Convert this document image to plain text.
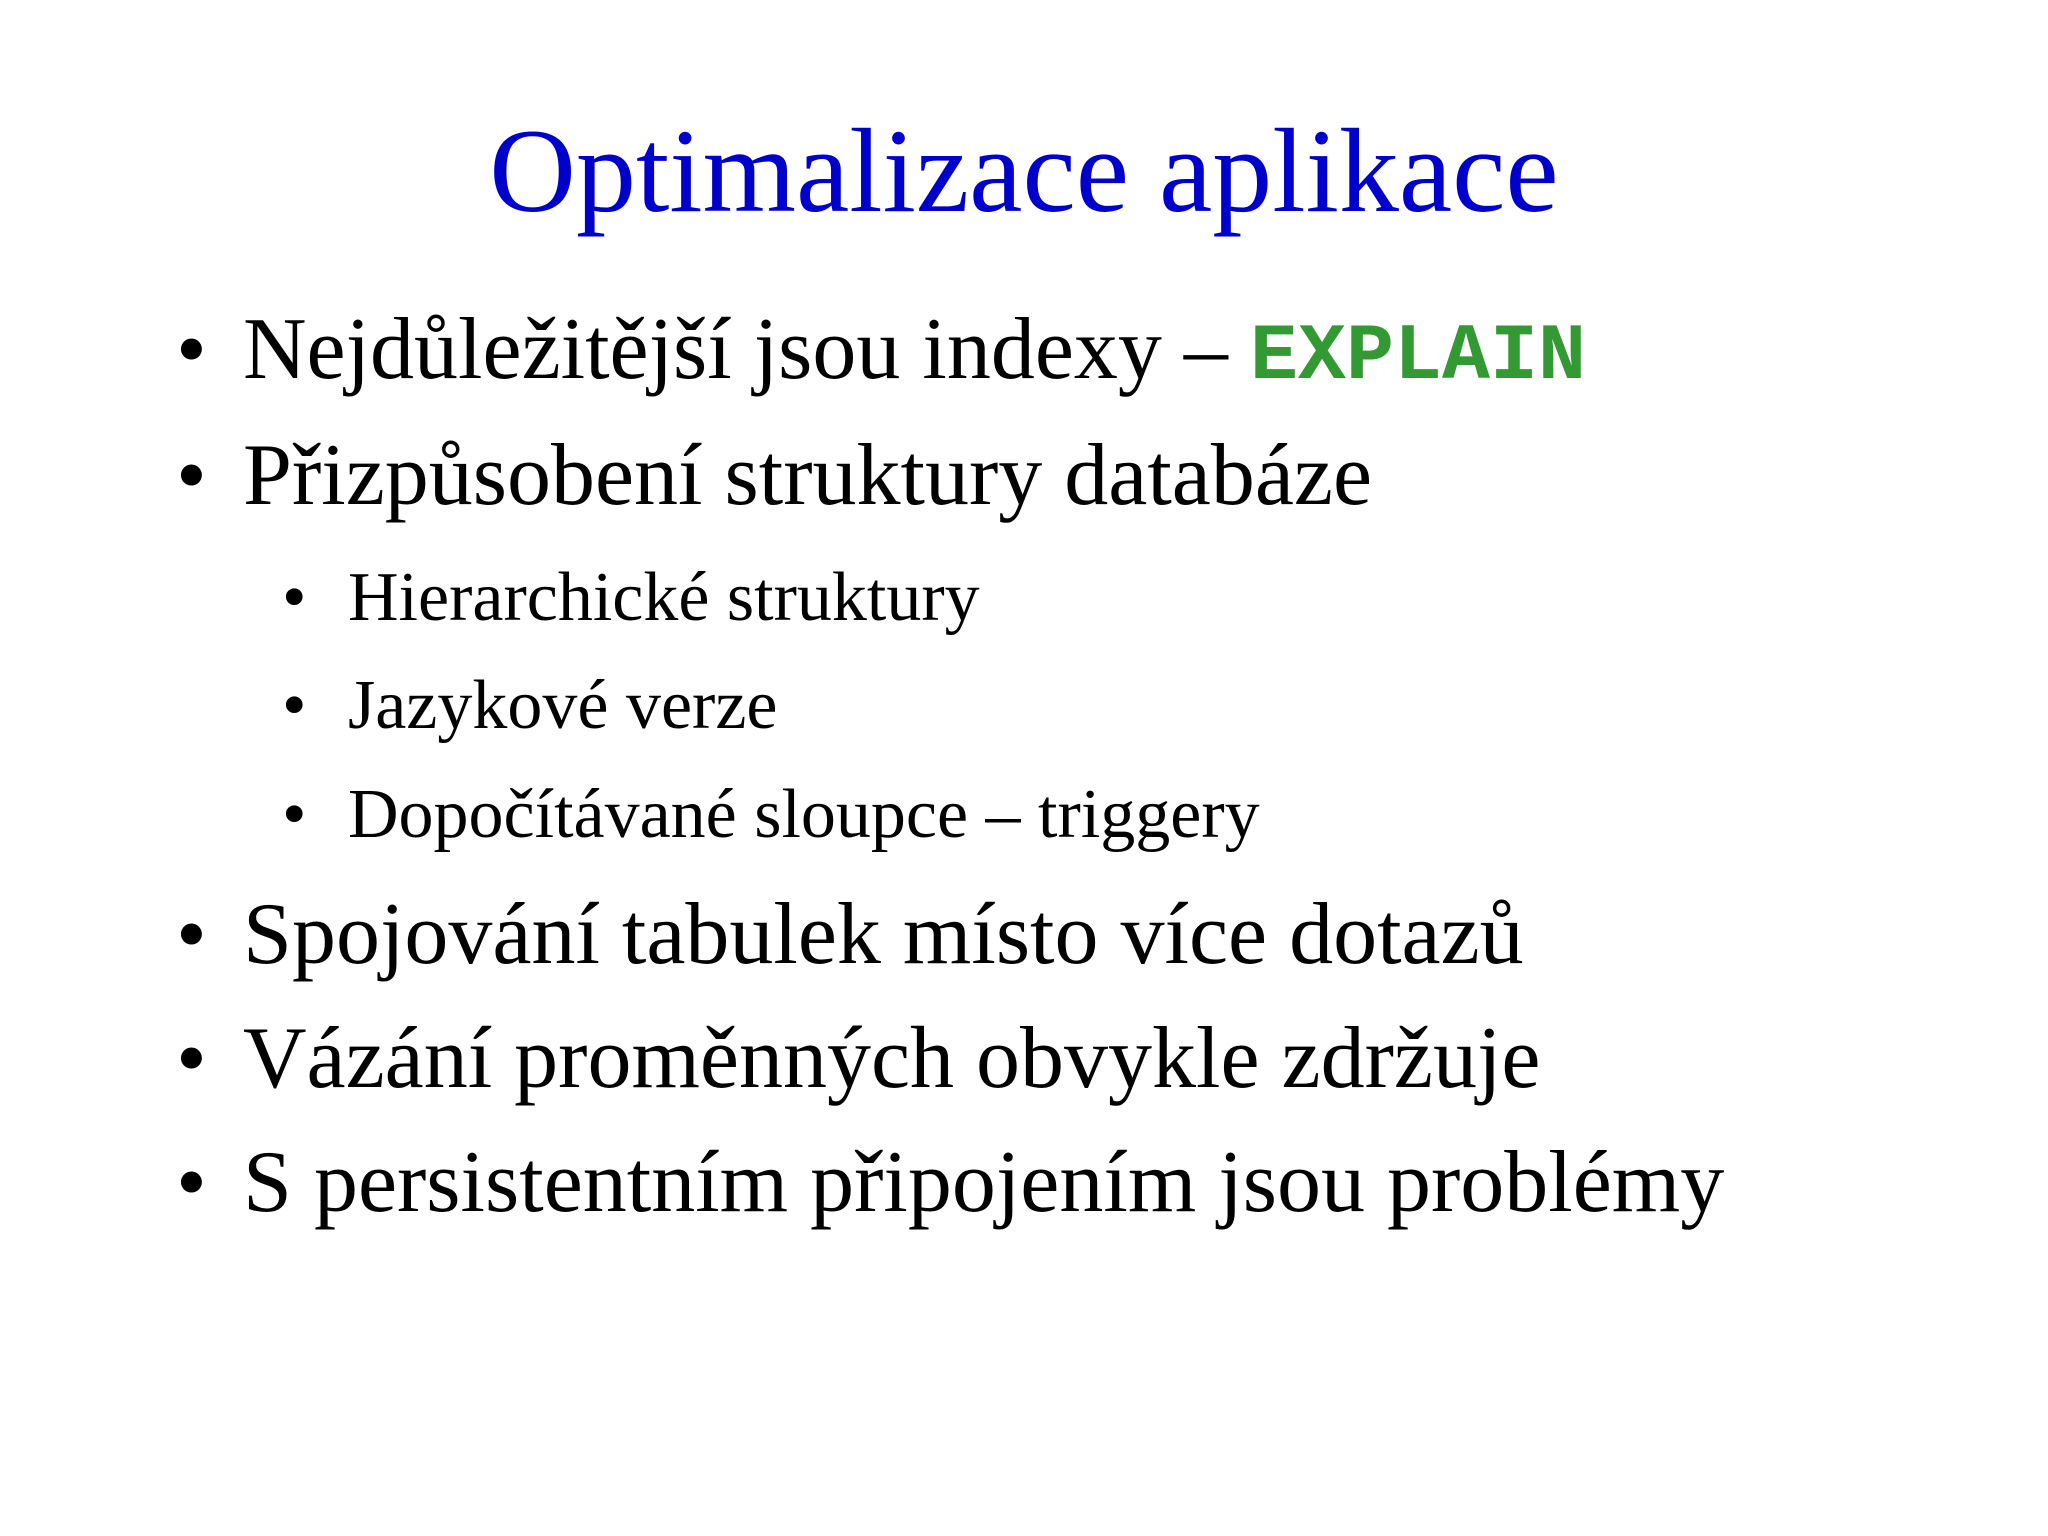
Optimalizace aplikace
• Nejdůležitější jsou indexy – EXPLAIN
• Přizpůsobení struktury databáze
• Hierarchické struktury
• Jazykové verze
• Dopočítávané sloupce – triggery
• Spojování tabulek místo více dotazů
• Vázání proměnných obvykle zdržuje
• S persistentním připojením jsou problémy
